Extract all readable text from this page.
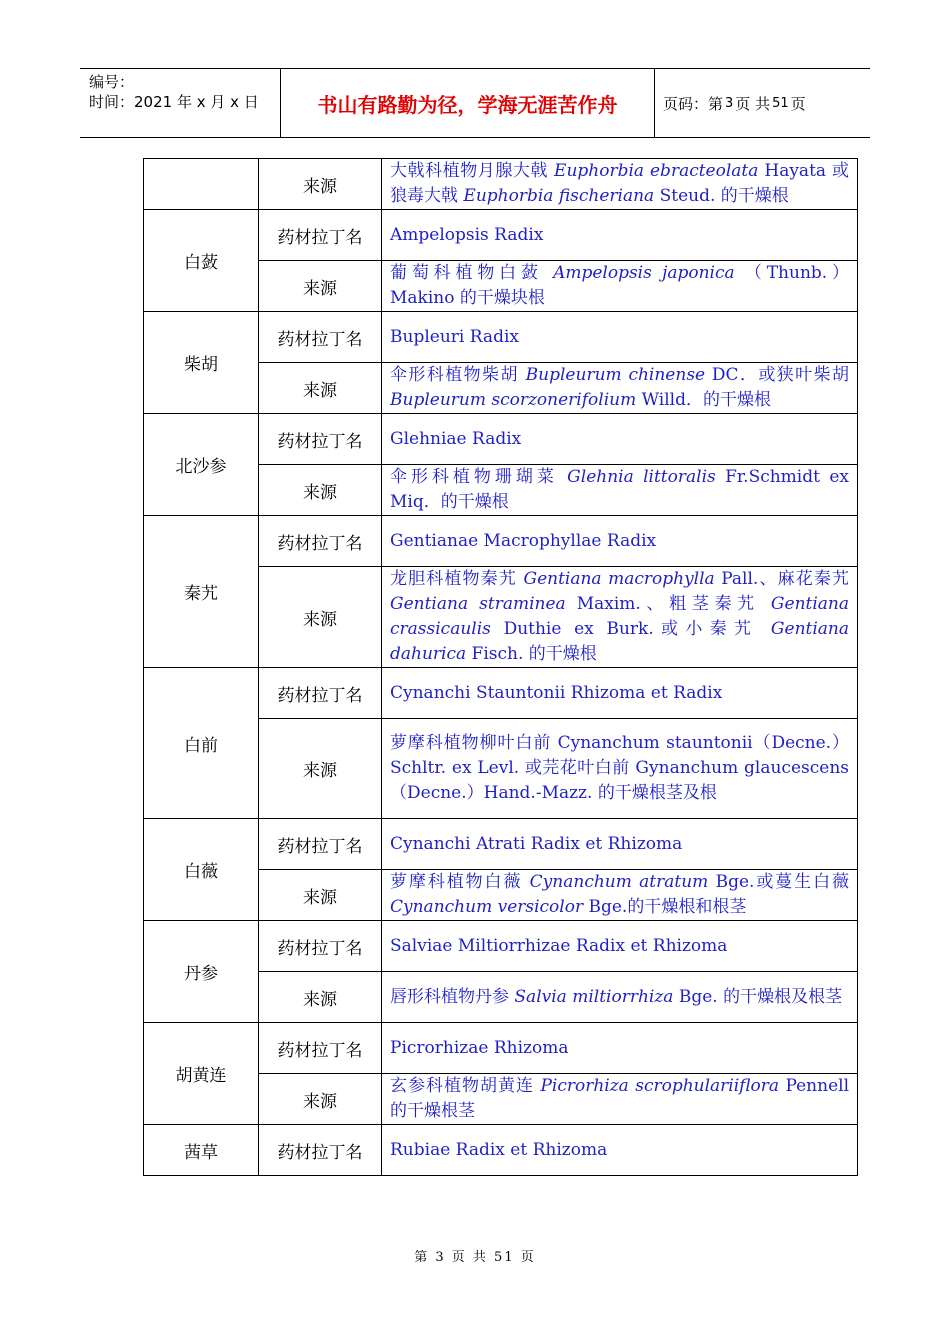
编号：
时间：2021 年 x 月 x 日	书山有路勤为径，学海无涯苦作舟	页码：第 3 页 共 51 页
	来源	大戟科植物月腺大戟 Euphorbia ebracteolata Hayata 或狼毒大戟 Euphorbia fischeriana Steud. 的干燥根
白蔹	药材拉丁名	Ampelopsis Radix
	来源	葡萄科植物白蔹 Ampelopsis japonica （Thunb.）Makino 的干燥块根
柴胡	药材拉丁名	Bupleuri Radix
	来源	伞形科植物柴胡 Bupleurum chinense DC．或狭叶柴胡 Bupleurum scorzonerifolium Willd．的干燥根
北沙参	药材拉丁名	Glehniae Radix
	来源	伞形科植物珊瑚菜 Glehnia littoralis Fr.Schmidt ex Miq．的干燥根
秦艽	药材拉丁名	Gentianae Macrophyllae Radix
	来源	龙胆科植物秦艽 Gentiana macrophylla Pall.、麻花秦艽 Gentiana straminea Maxim.、粗茎秦艽 Gentiana crassicaulis Duthie ex Burk.或小秦艽 Gentiana dahurica Fisch. 的干燥根
白前	药材拉丁名	Cynanchi Stauntonii Rhizoma et Radix
	来源	萝摩科植物柳叶白前 Cynanchum stauntonii（Decne.）Schltr. ex Levl. 或芫花叶白前 Gynanchum glaucescens（Decne.）Hand.-Mazz. 的干燥根茎及根
白薇	药材拉丁名	Cynanchi Atrati Radix et Rhizoma
	来源	萝摩科植物白薇 Cynanchum atratum Bge.或蔓生白薇 Cynanchum versicolor Bge.的干燥根和根茎
丹参	药材拉丁名	Salviae Miltiorrhizae Radix et Rhizoma
	来源	唇形科植物丹参 Salvia miltiorrhiza Bge. 的干燥根及根茎
胡黄连	药材拉丁名	Picrorhizae Rhizoma
	来源	玄参科植物胡黄连 Picrorhiza scrophulariiflora Pennell 的干燥根茎
茜草	药材拉丁名	Rubiae Radix et Rhizoma
第 3 页 共 51 页
